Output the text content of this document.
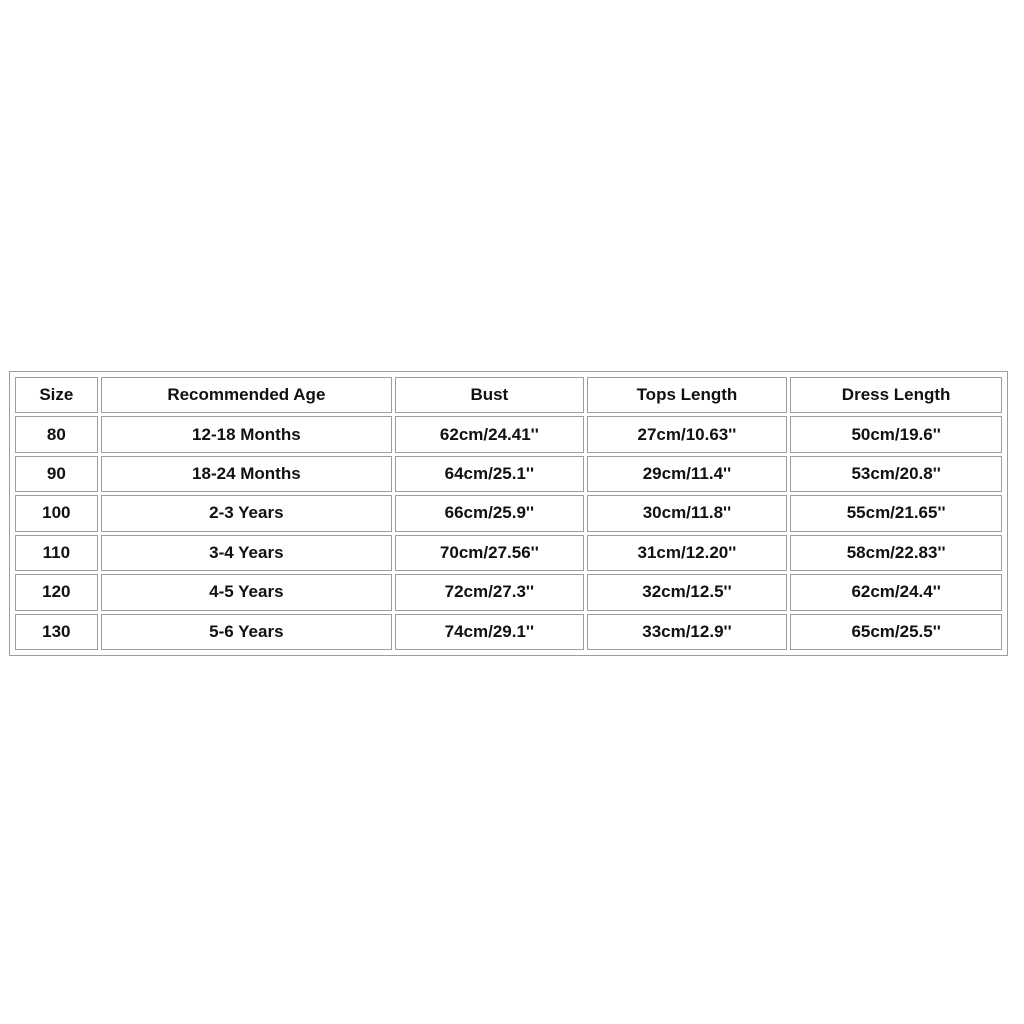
Size	Recommended Age	Bust	Tops Length	Dress Length
80	12-18 Months	62cm/24.41''	27cm/10.63''	50cm/19.6''
90	18-24 Months	64cm/25.1''	29cm/11.4''	53cm/20.8''
100	2-3 Years	66cm/25.9''	30cm/11.8''	55cm/21.65''
110	3-4 Years	70cm/27.56''	31cm/12.20''	58cm/22.83''
120	4-5 Years	72cm/27.3''	32cm/12.5''	62cm/24.4''
130	5-6 Years	74cm/29.1''	33cm/12.9''	65cm/25.5''
